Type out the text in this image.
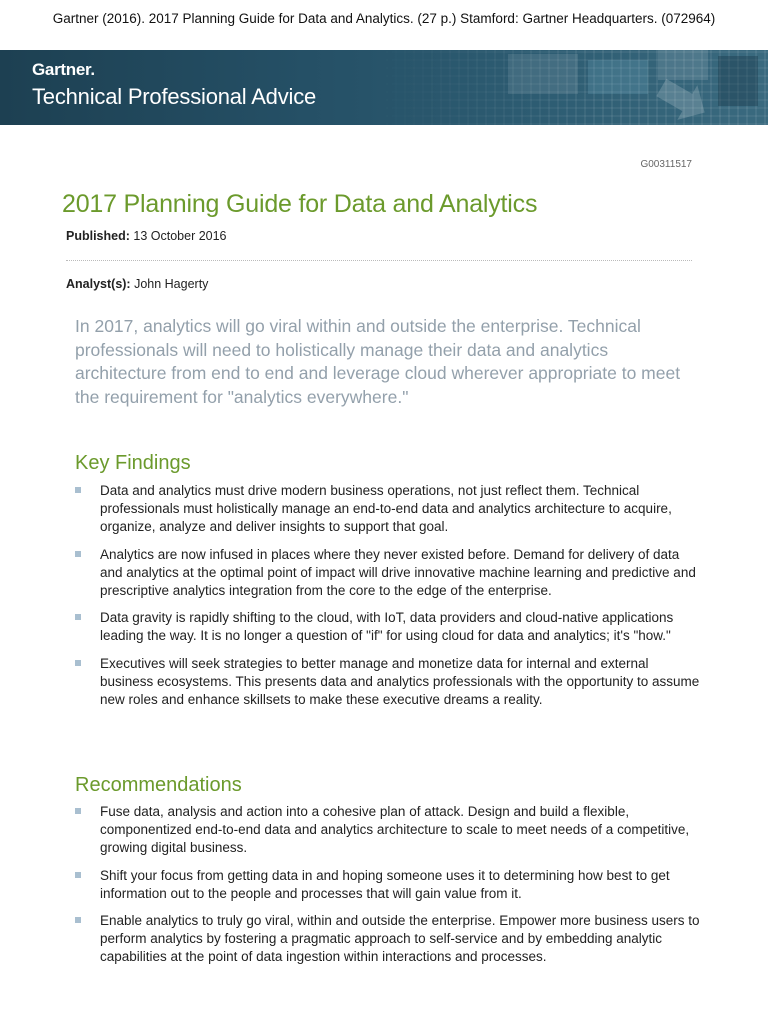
Gartner (2016). 2017 Planning Guide for Data and Analytics. (27 p.) Stamford: Gartner Headquarters. (072964)
Gartner.
Technical Professional Advice
G00311517
2017 Planning Guide for Data and Analytics
Published: 13 October 2016
Analyst(s): John Hagerty

In 2017, analytics will go viral within and outside the enterprise. Technical professionals will need to holistically manage their data and analytics architecture from end to end and leverage cloud wherever appropriate to meet the requirement for "analytics everywhere."

Key Findings
Data and analytics must drive modern business operations, not just reflect them. Technical professionals must holistically manage an end-to-end data and analytics architecture to acquire, organize, analyze and deliver insights to support that goal.
Analytics are now infused in places where they never existed before. Demand for delivery of data and analytics at the optimal point of impact will drive innovative machine learning and predictive and prescriptive analytics integration from the core to the edge of the enterprise.
Data gravity is rapidly shifting to the cloud, with IoT, data providers and cloud-native applications leading the way. It is no longer a question of "if" for using cloud for data and analytics; it's "how."
Executives will seek strategies to better manage and monetize data for internal and external business ecosystems. This presents data and analytics professionals with the opportunity to assume new roles and enhance skillsets to make these executive dreams a reality.
Recommendations
Fuse data, analysis and action into a cohesive plan of attack. Design and build a flexible, componentized end-to-end data and analytics architecture to scale to meet needs of a competitive, growing digital business.
Shift your focus from getting data in and hoping someone uses it to determining how best to get information out to the people and processes that will gain value from it.
Enable analytics to truly go viral, within and outside the enterprise. Empower more business users to perform analytics by fostering a pragmatic approach to self-service and by embedding analytic capabilities at the point of data ingestion within interactions and processes.
